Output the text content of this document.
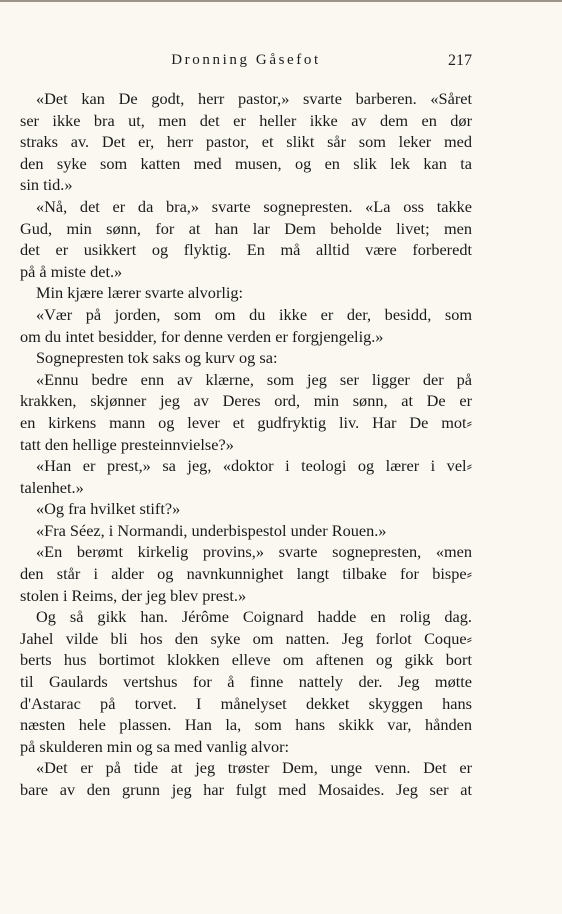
Dronning Gåsefot	217
«Det kan De godt, herr pastor,» svarte barberen. «Såret
ser ikke bra ut, men det er heller ikke av dem en dør
straks av. Det er, herr pastor, et slikt sår som leker med
den syke som katten med musen, og en slik lek kan ta
sin tid.»
«Nå, det er da bra,» svarte sognepresten. «La oss takke
Gud, min sønn, for at han lar Dem beholde livet; men
det er usikkert og flyktig. En må alltid være forberedt
på å miste det.»
Min kjære lærer svarte alvorlig:
«Vær på jorden, som om du ikke er der, besidd, som
om du intet besidder, for denne verden er forgjengelig.»
Sognepresten tok saks og kurv og sa:
«Ennu bedre enn av klærne, som jeg ser ligger der på
krakken, skjønner jeg av Deres ord, min sønn, at De er
en kirkens mann og lever et gudfryktig liv. Har De mot⸗
tatt den hellige presteinnvielse?»
«Han er prest,» sa jeg, «doktor i teologi og lærer i vel⸗
talenhet.»
«Og fra hvilket stift?»
«Fra Séez, i Normandi, underbispestol under Rouen.»
«En berømt kirkelig provins,» svarte sognepresten, «men
den står i alder og navnkunnighet langt tilbake for bispe⸗
stolen i Reims, der jeg blev prest.»
Og så gikk han. Jérôme Coignard hadde en rolig dag.
Jahel vilde bli hos den syke om natten. Jeg forlot Coque⸗
berts hus bortimot klokken elleve om aftenen og gikk bort
til Gaulards vertshus for å finne nattely der. Jeg møtte
d'Astarac på torvet. I månelyset dekket skyggen hans
næsten hele plassen. Han la, som hans skikk var, hånden
på skulderen min og sa med vanlig alvor:
«Det er på tide at jeg trøster Dem, unge venn. Det er
bare av den grunn jeg har fulgt med Mosaides. Jeg ser at
